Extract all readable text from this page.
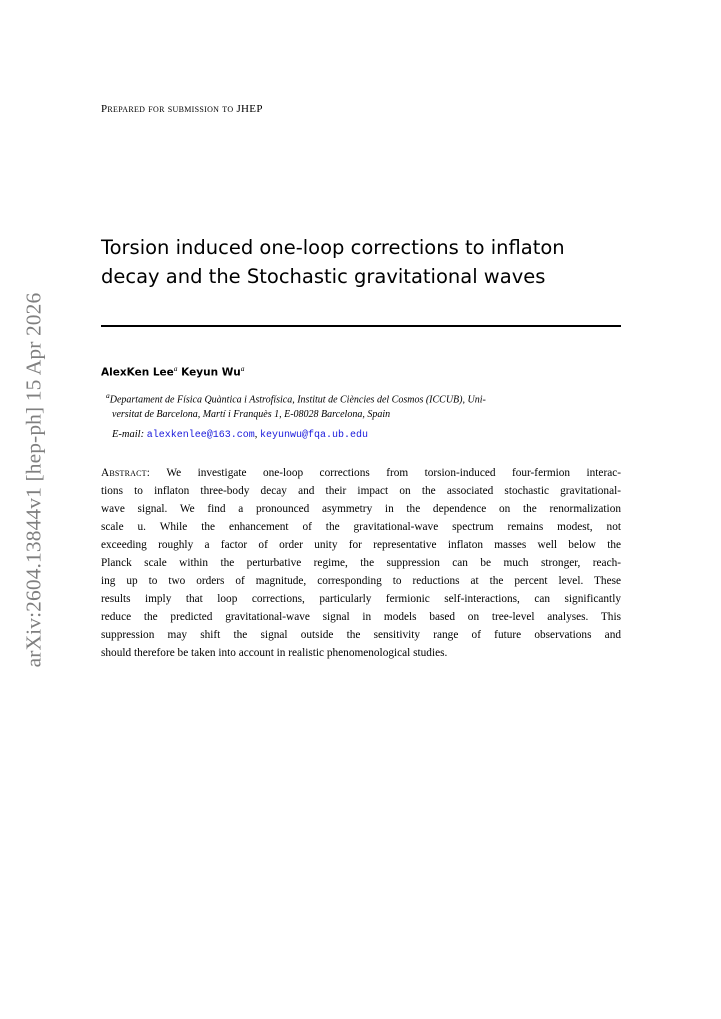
arXiv:2604.13844v1 [hep-ph] 15 Apr 2026
Prepared for submission to JHEP
Torsion induced one-loop corrections to inflaton
decay and the Stochastic gravitational waves
AlexKen Lee$^a$ Keyun Wu$^a$
$^a$Departament de Física Quàntica i Astrofísica, Institut de Ciències del Cosmos (ICCUB), Uni-
versitat de Barcelona, Martí i Franquès 1, E-08028 Barcelona, Spain
E-mail: alexkenlee@163.com, keyunwu@fqa.ub.edu
Abstract: We investigate one-loop corrections from torsion-induced four-fermion interac-
tions to inflaton three-body decay and their impact on the associated stochastic gravitational-
wave signal. We find a pronounced asymmetry in the dependence on the renormalization
scale u. While the enhancement of the gravitational-wave spectrum remains modest, not
exceeding roughly a factor of order unity for representative inflaton masses well below the
Planck scale within the perturbative regime, the suppression can be much stronger, reach-
ing up to two orders of magnitude, corresponding to reductions at the percent level. These
results imply that loop corrections, particularly fermionic self-interactions, can significantly
reduce the predicted gravitational-wave signal in models based on tree-level analyses. This
suppression may shift the signal outside the sensitivity range of future observations and
should therefore be taken into account in realistic phenomenological studies.
